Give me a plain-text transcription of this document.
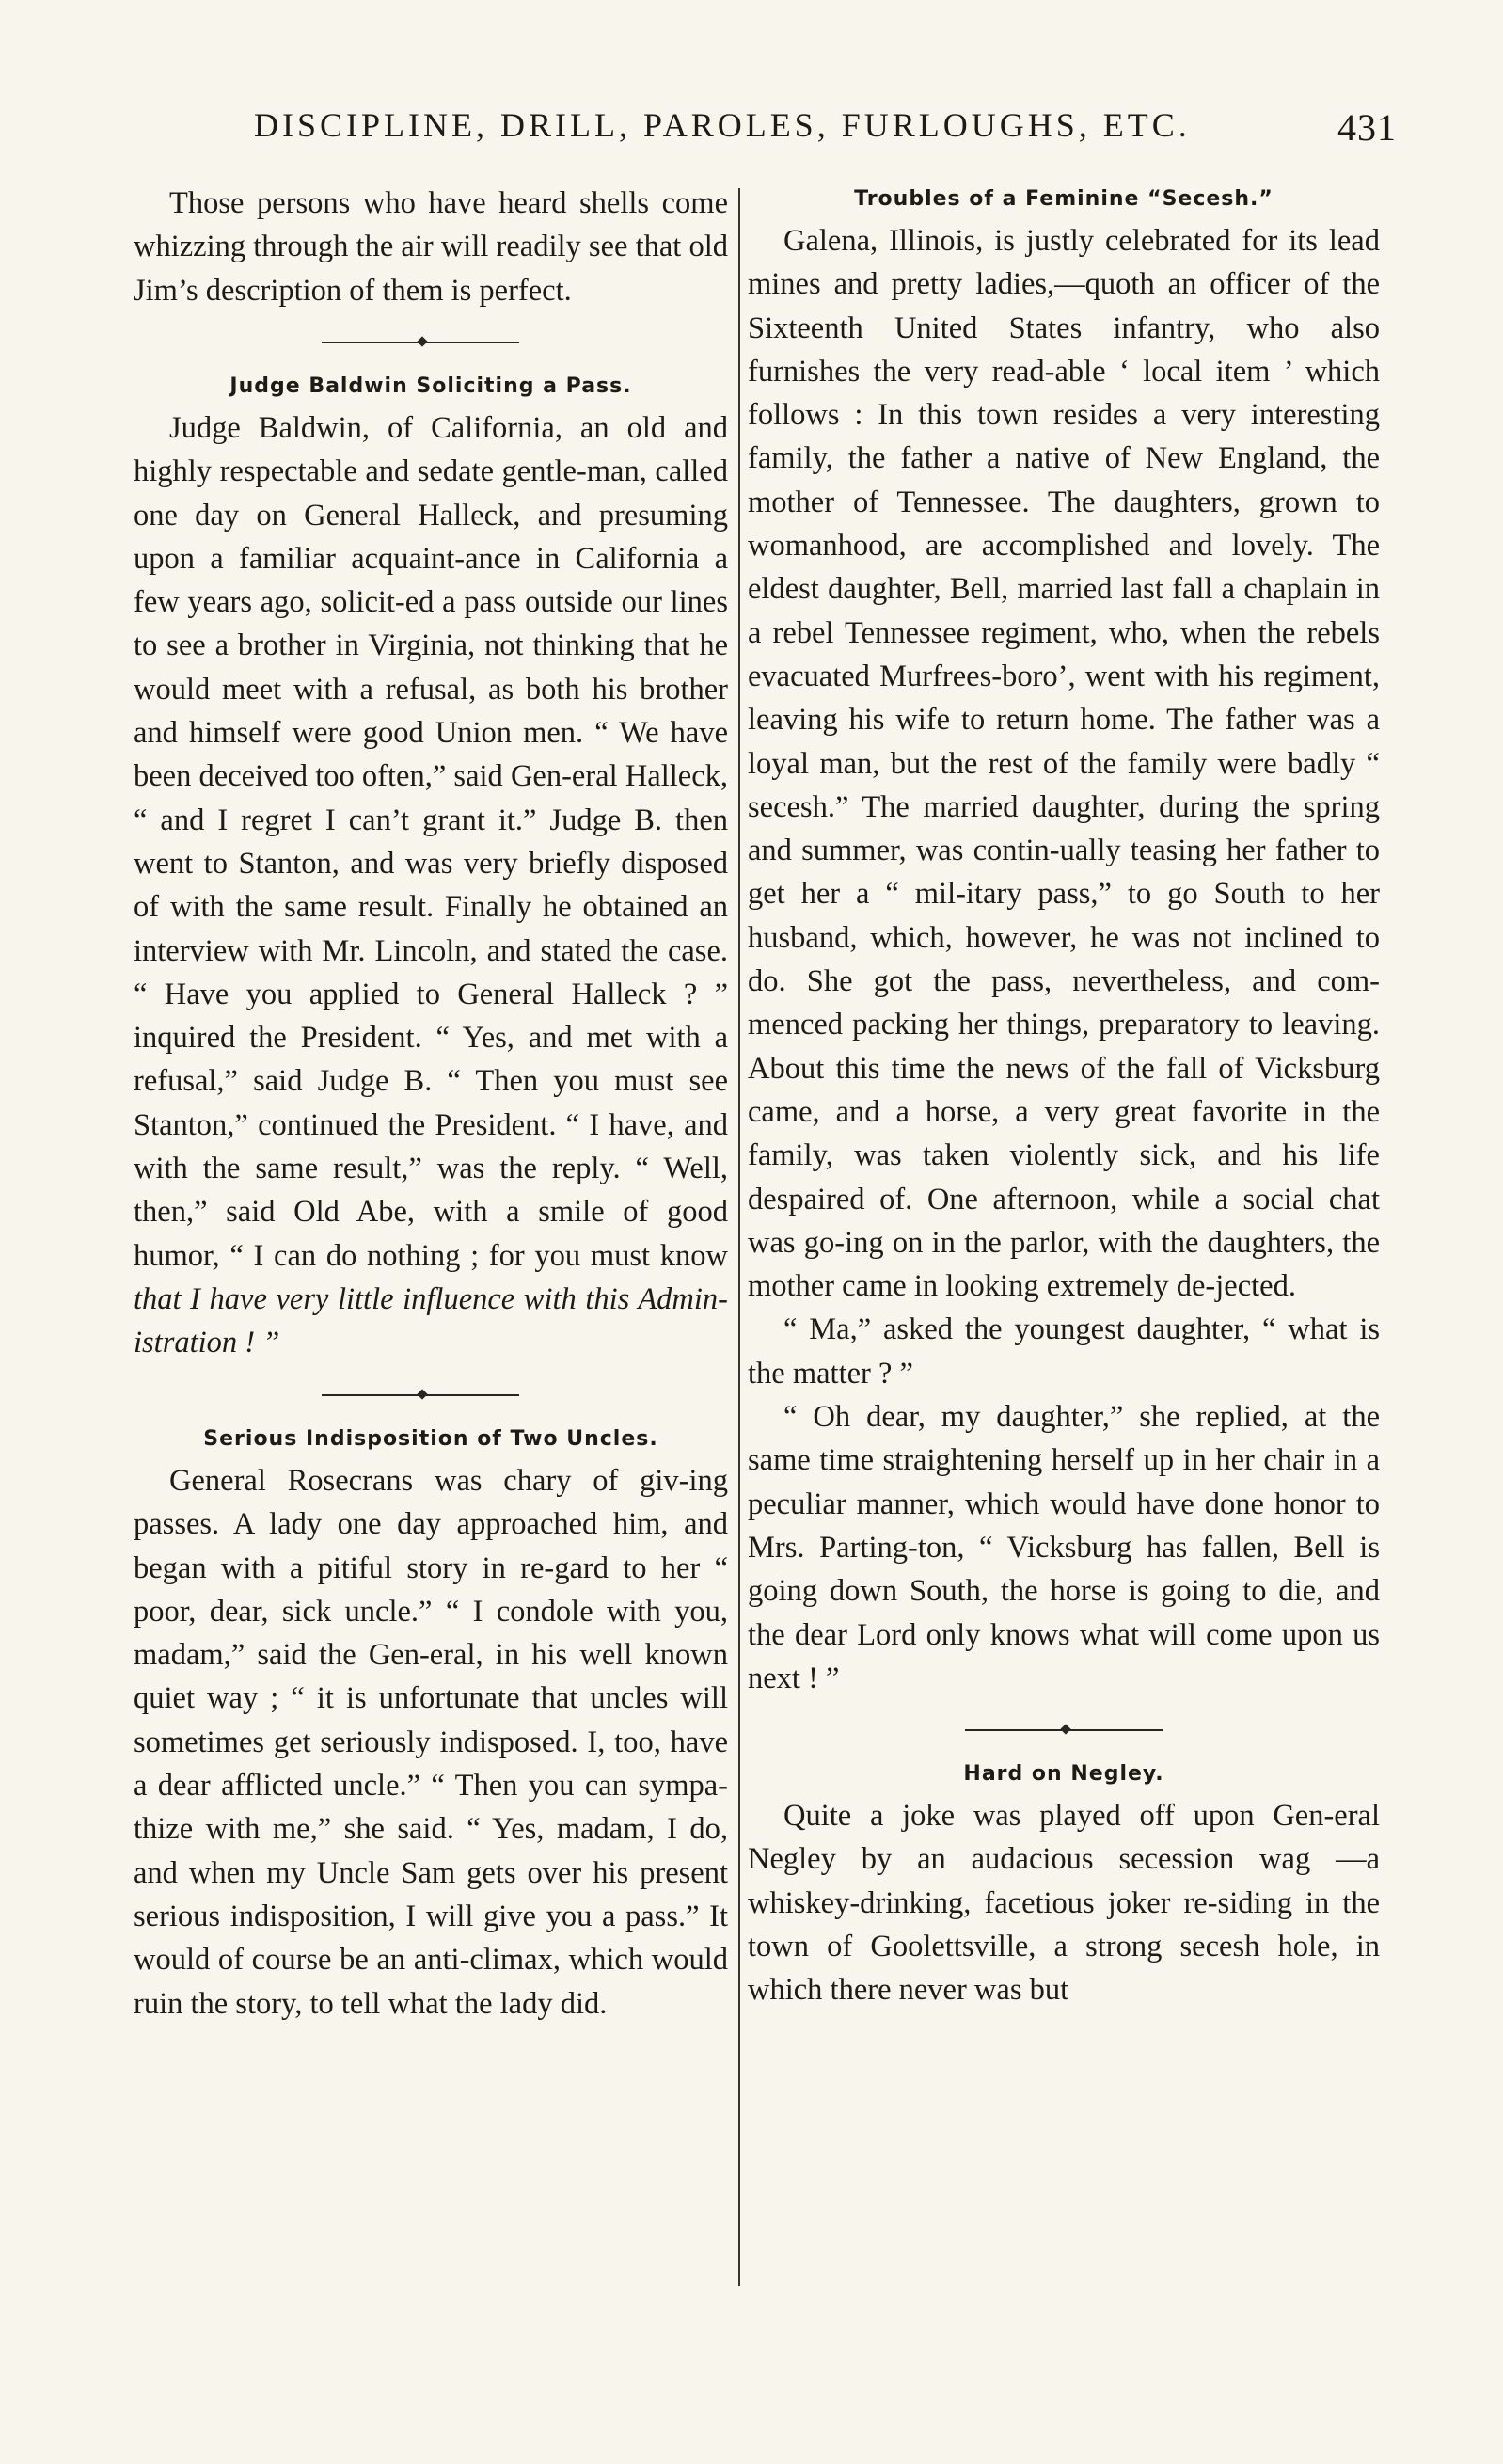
DISCIPLINE, DRILL, PAROLES, FURLOUGHS, ETC.	431

Those persons who have heard shells come whizzing through the air will readily see that old Jim’s description of them is perfect.

Judge Baldwin Soliciting a Pass.

Judge Baldwin, of California, an old and highly respectable and sedate gentle-man, called one day on General Halleck, and presuming upon a familiar acquaint-ance in California a few years ago, solicit-ed a pass outside our lines to see a brother in Virginia, not thinking that he would meet with a refusal, as both his brother and himself were good Union men. “ We have been deceived too often,” said Gen-eral Halleck, “ and I regret I can’t grant it.” Judge B. then went to Stanton, and was very briefly disposed of with the same result. Finally he obtained an interview with Mr. Lincoln, and stated the case. “ Have you applied to General Halleck ? ” inquired the President. “ Yes, and met with a refusal,” said Judge B. “ Then you must see Stanton,” continued the President. “ I have, and with the same result,” was the reply. “ Well, then,” said Old Abe, with a smile of good humor, “ I can do nothing ; for you must know that I have very little influence with this Admin-istration ! ”

Serious Indisposition of Two Uncles.

General Rosecrans was chary of giv-ing passes. A lady one day approached him, and began with a pitiful story in re-gard to her “ poor, dear, sick uncle.” “ I condole with you, madam,” said the Gen-eral, in his well known quiet way ; “ it is unfortunate that uncles will sometimes get seriously indisposed. I, too, have a dear afflicted uncle.” “ Then you can sympa-thize with me,” she said. “ Yes, madam, I do, and when my Uncle Sam gets over his present serious indisposition, I will give you a pass.” It would of course be an anti-climax, which would ruin the story, to tell what the lady did.

Troubles of a Feminine “Secesh.”

Galena, Illinois, is justly celebrated for its lead mines and pretty ladies,—quoth an officer of the Sixteenth United States infantry, who also furnishes the very read-able ‘ local item ’ which follows : In this town resides a very interesting family, the father a native of New England, the mother of Tennessee. The daughters, grown to womanhood, are accomplished and lovely. The eldest daughter, Bell, married last fall a chaplain in a rebel Tennessee regiment, who, when the rebels evacuated Murfrees-boro’, went with his regiment, leaving his wife to return home. The father was a loyal man, but the rest of the family were badly “ secesh.” The married daughter, during the spring and summer, was contin-ually teasing her father to get her a “ mil-itary pass,” to go South to her husband, which, however, he was not inclined to do. She got the pass, nevertheless, and com-menced packing her things, preparatory to leaving. About this time the news of the fall of Vicksburg came, and a horse, a very great favorite in the family, was taken violently sick, and his life despaired of. One afternoon, while a social chat was go-ing on in the parlor, with the daughters, the mother came in looking extremely de-jected.

“ Ma,” asked the youngest daughter, “ what is the matter ? ”

“ Oh dear, my daughter,” she replied, at the same time straightening herself up in her chair in a peculiar manner, which would have done honor to Mrs. Parting-ton, “ Vicksburg has fallen, Bell is going down South, the horse is going to die, and the dear Lord only knows what will come upon us next ! ”

Hard on Negley.

Quite a joke was played off upon Gen-eral Negley by an audacious secession wag —a whiskey-drinking, facetious joker re-siding in the town of Goolettsville, a strong secesh hole, in which there never was but
